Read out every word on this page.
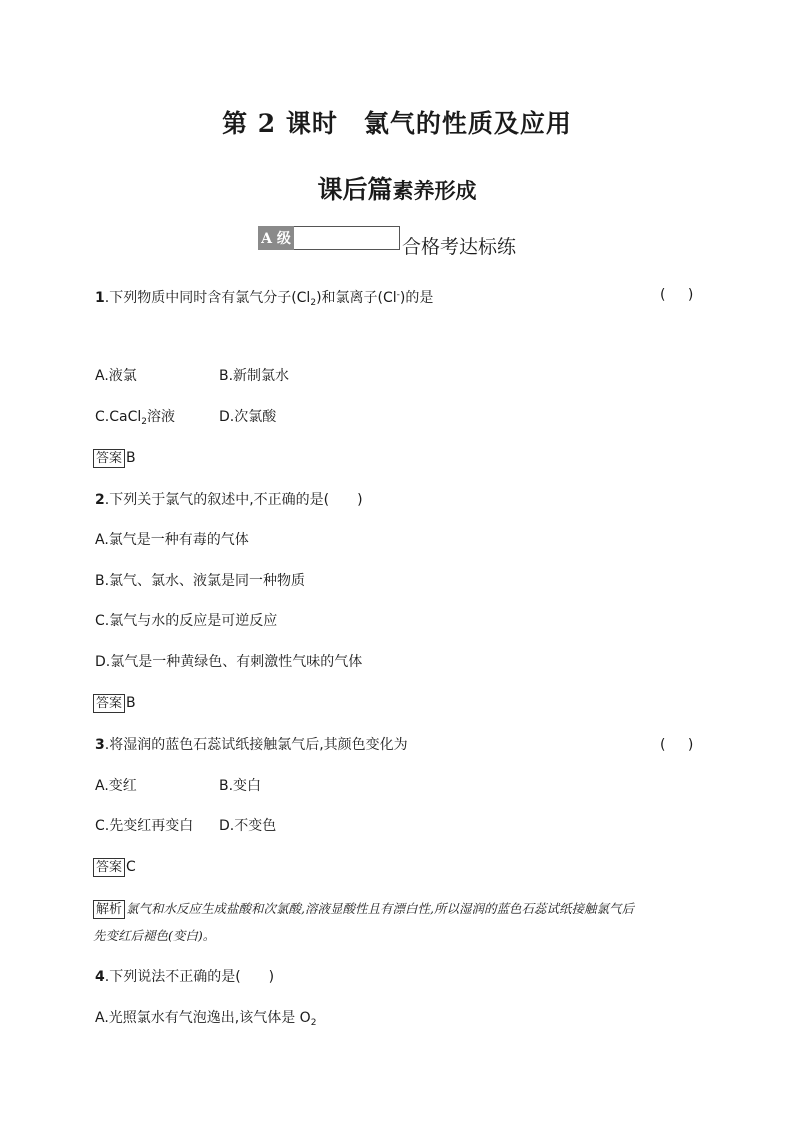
第 2 课时　氯气的性质及应用
课后篇素养形成
A 级	合格考达标练
1.下列物质中同时含有氯气分子$(Cl_2)$和氯离子(Cl-)的是	( )
A.液氯	B.新制氯水
C.CaCl$_2$溶液	D.次氯酸
答案 B
2.下列关于氯气的叙述中,不正确的是(　　)
A.氯气是一种有毒的气体
B.氯气、氯水、液氯是同一种物质
C.氯气与水的反应是可逆反应
D.氯气是一种黄绿色、有刺激性气味的气体
答案 B
3.将湿润的蓝色石蕊试纸接触氯气后,其颜色变化为	( )
A.变红	B.变白
C.先变红再变白 D.不变色
答案 C
解析 氯气和水反应生成盐酸和次氯酸,溶液显酸性且有漂白性,所以湿润的蓝色石蕊试纸接触氯气后
先变红后褪色(变白)。
4.下列说法不正确的是(　　)
A.光照氯水有气泡逸出,该气体是 $O_2$
